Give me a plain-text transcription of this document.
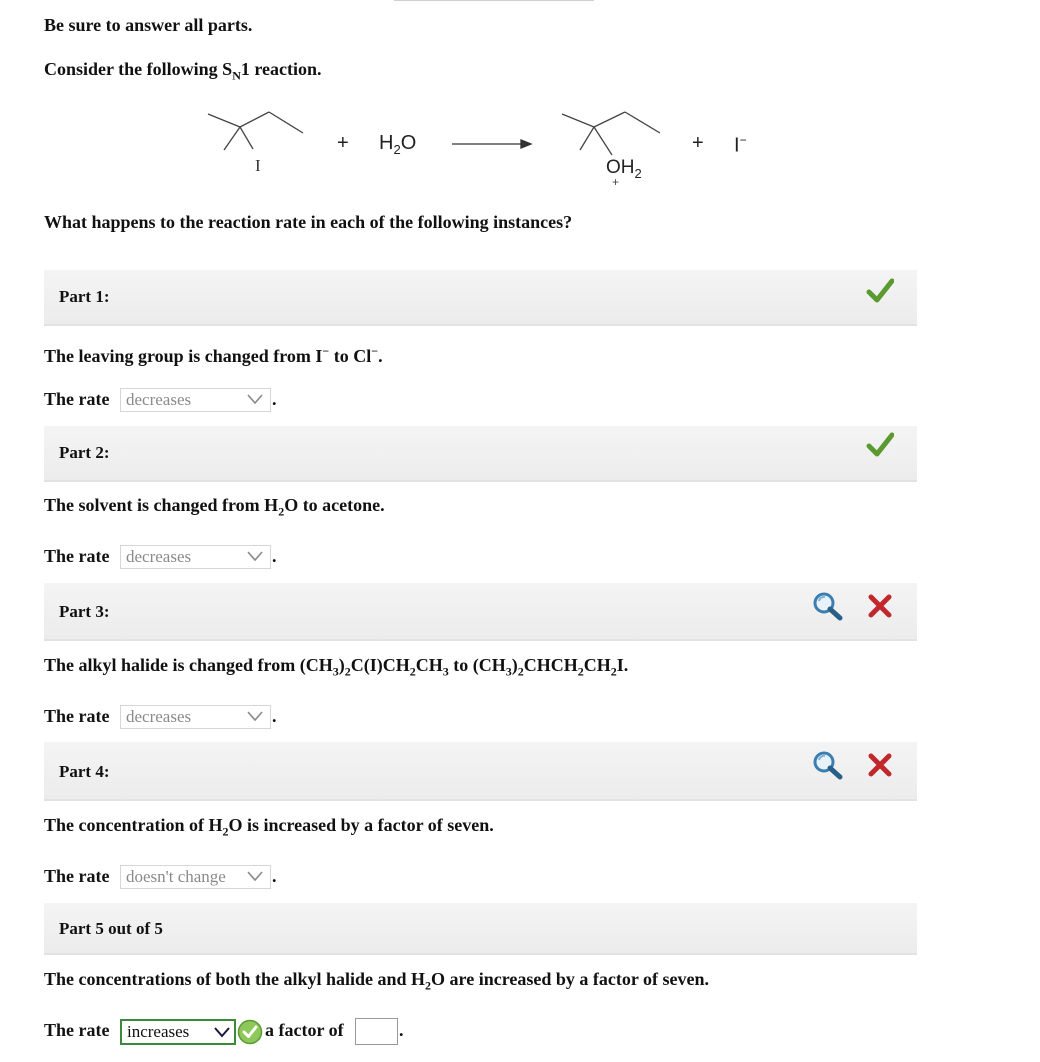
Be sure to answer all parts.
Consider the following $S_N1$ reaction.
I
+ $H_2O$
$OH_2$
+
+ I−
What happens to the reaction rate in each of the following instances?
Part 1:
The leaving group is changed from I− to Cl−.
The rate decreases	.
Part 2:
The solvent is changed from $H_2O$ to acetone.
The rate decreases	.
Part 3:
The alkyl halide is changed from $(CH_3)_2C(I)CH_2CH_3$ to $(CH_3)_2CHCH_2CH_2I$.
The rate decreases	.
Part 4:
The concentration of $H_2O$ is increased by a factor of seven.
The rate doesn't change	.
Part 5 out of 5
The concentrations of both the alkyl halide and $H_2O$ are increased by a factor of seven.
The rate increases	a factor of	.
